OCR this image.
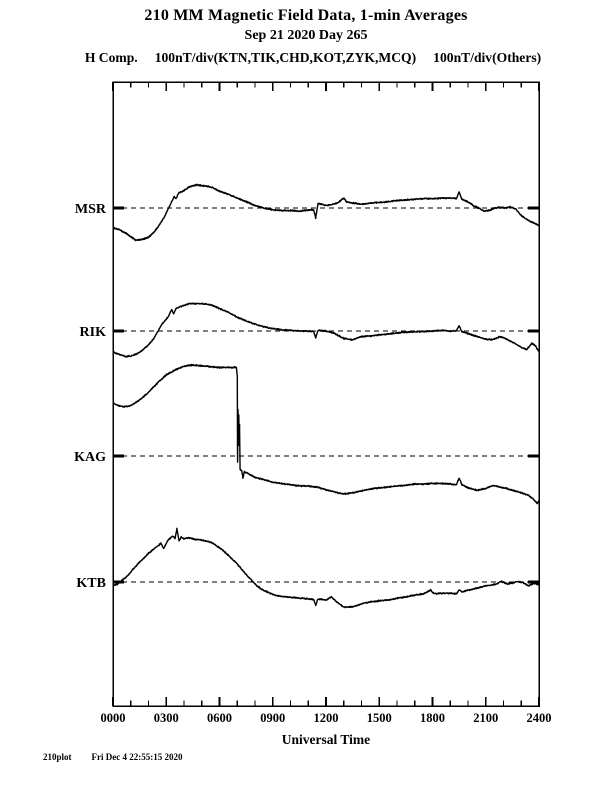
210 MM Magnetic Field Data, 1-min Averages
Sep 21 2020 Day 265
H Comp. 100nT/div(KTN,TIK,CHD,KOT,ZYK,MCQ) 100nT/div(Others)
0000 0300 0600 0900 1200 1500 1800 2100 2400
MSR
RIK
KAG
KTB
Universal Time
210plot Fri Dec 4 22:55:15 2020
